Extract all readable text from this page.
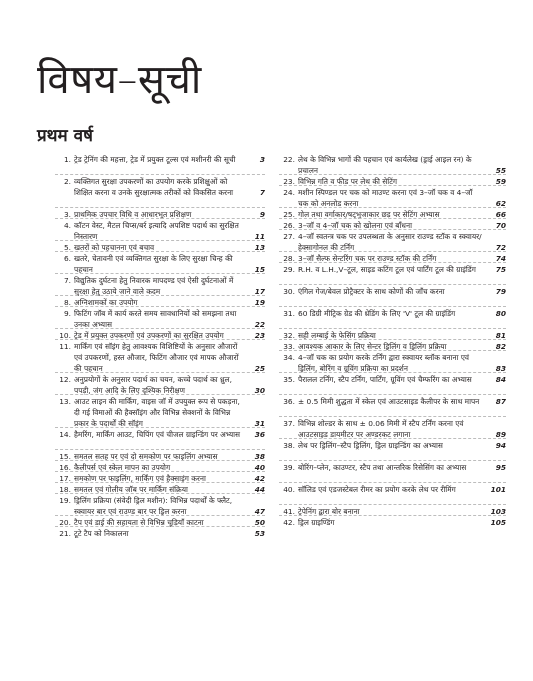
विषय–सूची
प्रथम वर्ष
1. ट्रेड ट्रेनिंग की महत्ता, ट्रेड में प्रयुक्त टूल्स एवं मशीनरी की सूची	3
2. व्यक्तिगत सुरक्षा उपकरणों का उपयोग करके प्रशिक्षुओं को शिक्षित करना व उनके सुरक्षात्मक तरीकों को विकसित करना	7
3. प्राथमिक उपचार विधि व आधारभूत प्रशिक्षण	9
4. कॉटन वेस्ट, मैटल चिप्स/बर्र इत्यादि अपशिष्ट पदार्थ का सुरक्षित निस्तारण	11
5. खतरों को पहचानना एवं बचाव	13
6. खतरे, चेतावनी एवं व्यक्तिगत सुरक्षा के लिए सुरक्षा चिन्ह की पहचान	15
7. विद्युतिक दुर्घटना हेतु निवारक मापदण्ड एवं ऐसी दुर्घटनाओं में सुरक्षा हेतु उठाये जाने वाले कदम	17
8. अग्निशामकों का उपयोग	19
9. फिटिंग जॉब में कार्य करते समय सावधानियों को समझना तथा उनका अभ्यास	22
10. ट्रेड में प्रयुक्त उपकरणों एवं उपकरणों का सुरक्षित उपयोग	23
11. मार्किंग एवं सॉइंग हेतु आवश्यक विशिष्टियों के अनुसार औजारों एवं उपकरणों, हस्त औजार, फिटिंग औजार एवं मापक औजारों की पहचान	25
12. अनुप्रयोगों के अनुसार पदार्थ का चयन, कच्चे पदार्थ का ध्रुल, पपड़ी, जंग आदि के लिए दृश्यिक निरीक्षण	30
13. आउट लाइन की मार्किंग, वाइस जॉ में उपयुक्त रूप से पकड़ना, दी गई विमाओं की हैक्सॉइंग और विभिन्न सेक्शनों के विभिन्न प्रकार के पदार्थों की सॉइंग	31
14. हैमरिंग, मार्किंग आउट, चिपिंग एवं चीजल ग्राइन्डिंग पर अभ्यास	36
15. समतल सतह पर एवं दो समकोण पर फाइलिंग अभ्यास	38
16. कैलीपर्स एवं स्केल मापन का उपयोग	40
17. समकोण पर फाइलिंग, मार्किंग एवं हैक्साइंग करना	42
18. समतल एवं गोलीय जॉब पर मार्किंग संक्रिया	44
19. ड्रिलिंग प्रक्रिया (संवेदी ड्रिल मशीन): विभिन्न पदार्थों के फ्लैट, स्क्वायर बार एवं राउण्ड बार पर ड्रिल करना	47
20. टैप एवं डाई की सहायता से विभिन्न चूड़ियाँ काटना	50
21. टूटे टैप को निकालना	53
22. लेथ के विभिन्न भागों की पहचान एवं कार्यलेख (ड्राई आइल रन) के प्रचालन	55
23. विभिन्न गति व फीड पर लेथ की सेटिंग	59
24. मशीन स्पिण्डल पर चक को माउण्ट करना एवं 3–जॉ चक व 4–जॉ चक को अनलोड करना	62
25. गोल तथा वर्गाकार/षट्भुजाकार छड़ पर सेटिंग अभ्यास	66
26. 3–जॉ व 4–जॉ चक को खोलना एवं बाँधना	70
27. 4–जॉ स्वतन्त्र चक पर उपलब्धता के अनुसार राउण्ड स्टॉक व स्क्वायर/हेक्सागोनल की टर्निंग	72
28. 3–जॉ सैल्फ सेन्टरिंग चक पर राउण्ड स्टॉक की टर्निंग	74
29. R.H. व L.H.,V–टूल, साइड कटिंग टूल एवं पार्टिंग टूल की ग्राइंडिंग	75
30. एंगिल गेज/बेवल प्रोट्रैक्टर के साथ कोणों की जाँच करना	79
31. 60 डिग्री मीट्रिक ग्रेड की थ्रेडिंग के लिए 'V' टूल की ग्राइंडिंग	80
32. सही लम्बाई के फेसिंग प्रक्रिया	81
33. आवश्यक आकार के लिए सेन्टर ड्रिलिंग व ड्रिलिंग प्रक्रिया	82
34. 4–जॉ चक का प्रयोग करके टर्निंग द्वारा स्क्वायर ब्लॉक बनाना एवं ड्रिलिंग, बोरिंग व ग्रूविंग प्रक्रिया का प्रदर्शन	83
35. पैरालल टर्निंग, स्टैप टर्निंग, पार्टिंग, ग्रूविंग एवं चैम्फरिंग का अभ्यास	84
36. ± 0.5 मिमी शुद्धता में स्केल एवं आउटसाइड कैलीपर के साथ मापन	87
37. विभिन्न शोल्डर के साथ ± 0.06 मिमी में स्टैप टर्निंग करना एवं आउटसाइड डायमीटर पर अण्डरकट लगाना	89
38. लेथ पर ड्रिलिंग–स्टैप ड्रिलिंग, ड्रिल ग्राइन्डिंग का अभ्यास	94
39. बोरिंग–प्लेन, काउण्टर, स्टैप तथा आन्तरिक रिसेसिंग का अभ्यास	95
40. सॉलिड एवं एडजस्टेबल रीमर का प्रयोग करके लेथ पर रीमिंग	101
41. ट्रेपेनिंग द्वारा बोर बनाना	103
42. ड्रिल ग्राइण्डिंग	105
